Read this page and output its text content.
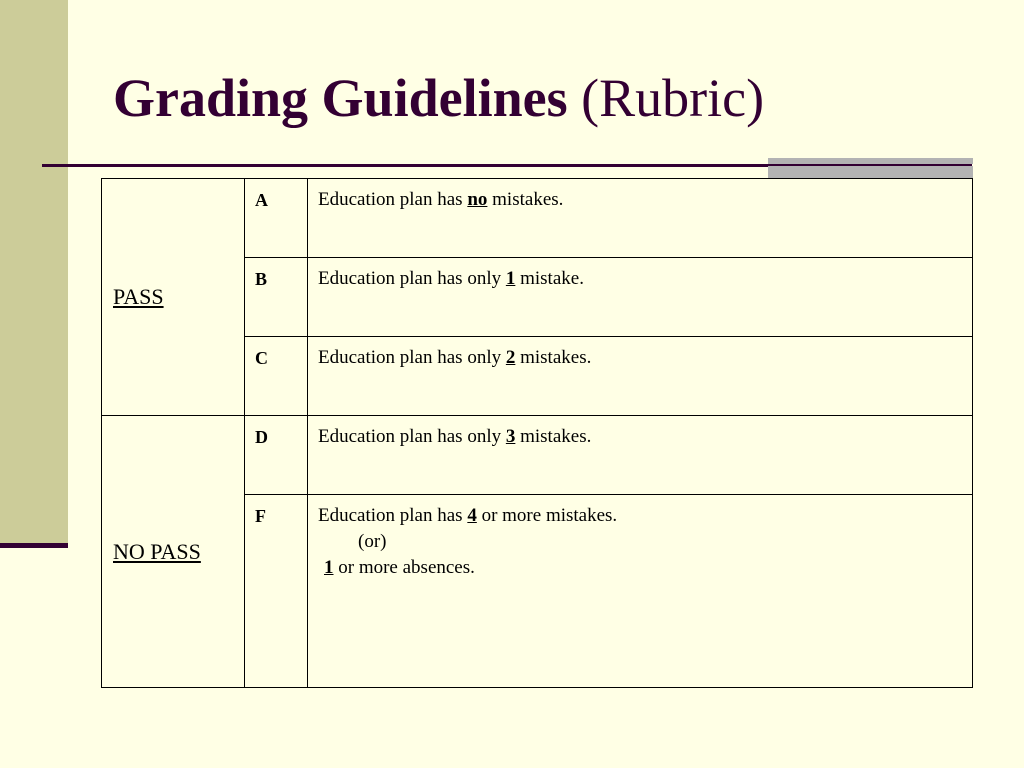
Grading Guidelines (Rubric)
PASS	A	Education plan has no mistakes.
	B	Education plan has only 1 mistake.
	C	Education plan has only 2 mistakes.
NO PASS	D	Education plan has only 3 mistakes.
	F	Education plan has 4 or more mistakes.
(or)
1 or more absences.
